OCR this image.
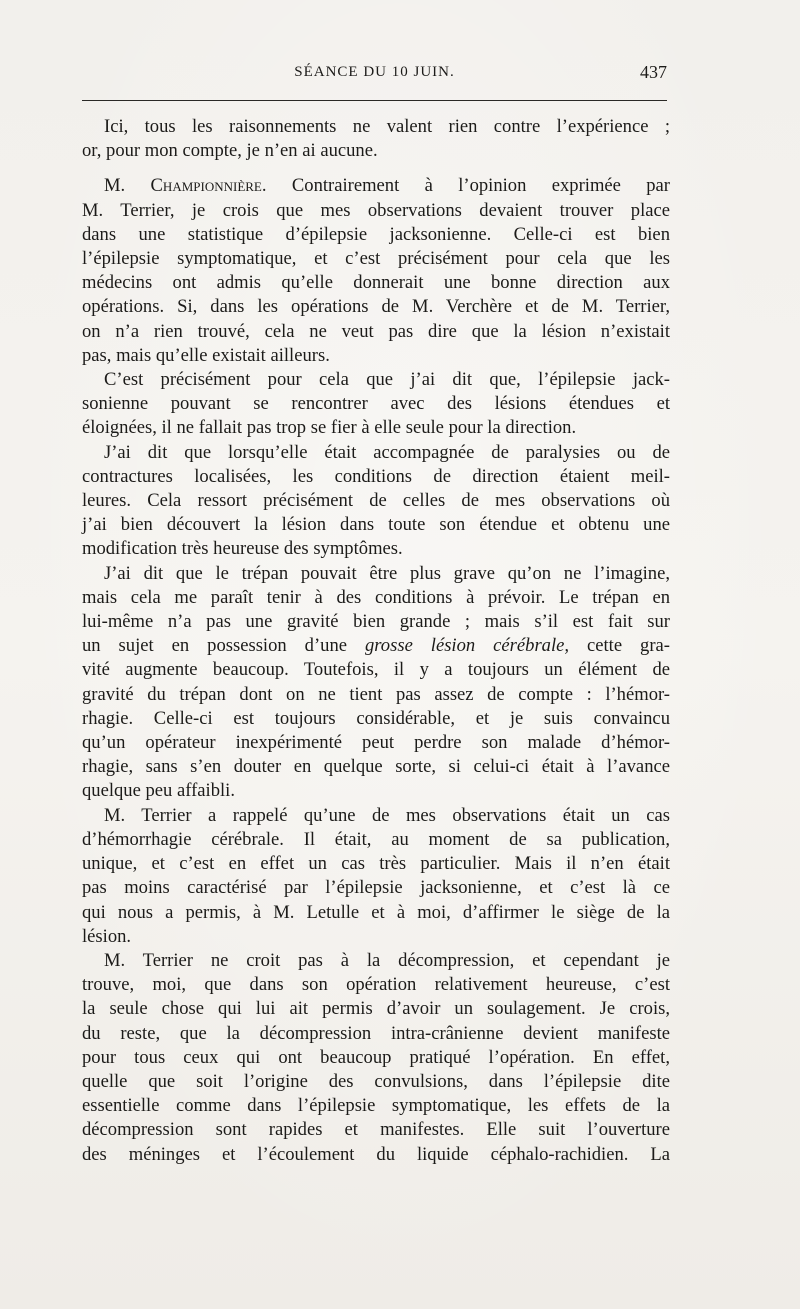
SÉANCE DU 10 JUIN.	437

Ici, tous les raisonnements ne valent rien contre l’expérience ;
or, pour mon compte, je n’en ai aucune.

M. Championnière. Contrairement à l’opinion exprimée par
M. Terrier, je crois que mes observations devaient trouver place
dans une statistique d’épilepsie jacksonienne. Celle-ci est bien
l’épilepsie symptomatique, et c’est précisément pour cela que les
médecins ont admis qu’elle donnerait une bonne direction aux
opérations. Si, dans les opérations de M. Verchère et de M. Terrier,
on n’a rien trouvé, cela ne veut pas dire que la lésion n’existait
pas, mais qu’elle existait ailleurs.

C’est précisément pour cela que j’ai dit que, l’épilepsie jack-
sonienne pouvant se rencontrer avec des lésions étendues et
éloignées, il ne fallait pas trop se fier à elle seule pour la direction.

J’ai dit que lorsqu’elle était accompagnée de paralysies ou de
contractures localisées, les conditions de direction étaient meil-
leures. Cela ressort précisément de celles de mes observations où
j’ai bien découvert la lésion dans toute son étendue et obtenu une
modification très heureuse des symptômes.

J’ai dit que le trépan pouvait être plus grave qu’on ne l’imagine,
mais cela me paraît tenir à des conditions à prévoir. Le trépan en
lui-même n’a pas une gravité bien grande ; mais s’il est fait sur
un sujet en possession d’une grosse lésion cérébrale, cette gra-
vité augmente beaucoup. Toutefois, il y a toujours un élément de
gravité du trépan dont on ne tient pas assez de compte : l’hémor-
rhagie. Celle-ci est toujours considérable, et je suis convaincu
qu’un opérateur inexpérimenté peut perdre son malade d’hémor-
rhagie, sans s’en douter en quelque sorte, si celui-ci était à l’avance
quelque peu affaibli.

M. Terrier a rappelé qu’une de mes observations était un cas
d’hémorrhagie cérébrale. Il était, au moment de sa publication,
unique, et c’est en effet un cas très particulier. Mais il n’en était
pas moins caractérisé par l’épilepsie jacksonienne, et c’est là ce
qui nous a permis, à M. Letulle et à moi, d’affirmer le siège de la
lésion.

M. Terrier ne croit pas à la décompression, et cependant je
trouve, moi, que dans son opération relativement heureuse, c’est
la seule chose qui lui ait permis d’avoir un soulagement. Je crois,
du reste, que la décompression intra-crânienne devient manifeste
pour tous ceux qui ont beaucoup pratiqué l’opération. En effet,
quelle que soit l’origine des convulsions, dans l’épilepsie dite
essentielle comme dans l’épilepsie symptomatique, les effets de la
décompression sont rapides et manifestes. Elle suit l’ouverture
des méninges et l’écoulement du liquide céphalo-rachidien. La
